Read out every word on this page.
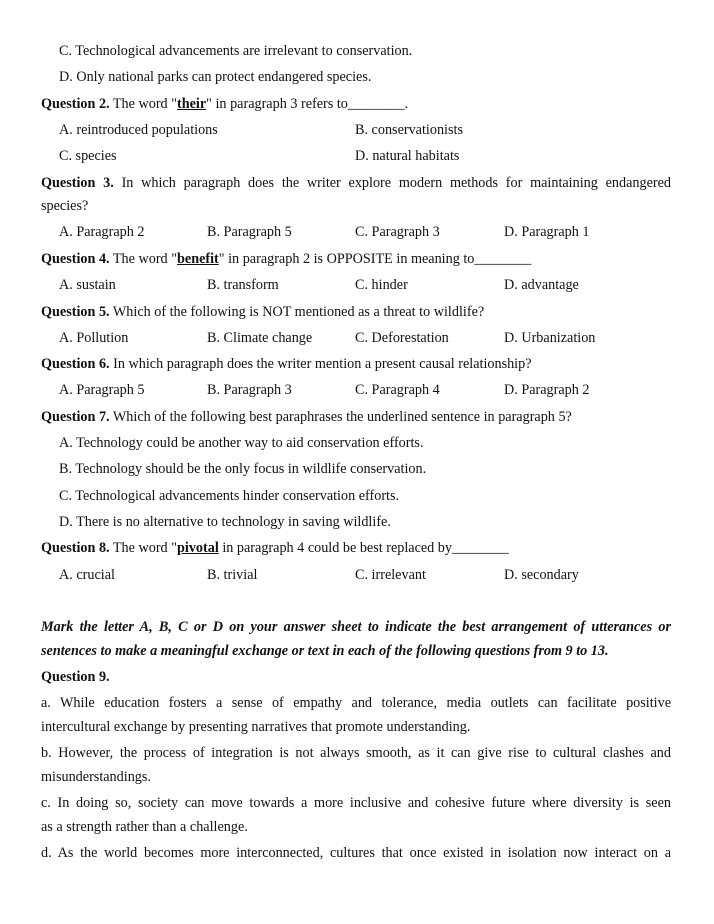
C. Technological advancements are irrelevant to conservation.
D. Only national parks can protect endangered species.
Question 2. The word "their" in paragraph 3 refers to________.
A. reintroduced populations	B. conservationists
C. species	D. natural habitats
Question 3. In which paragraph does the writer explore modern methods for maintaining endangered
species?
A. Paragraph 2	B. Paragraph 5	C. Paragraph 3	D. Paragraph 1
Question 4. The word "benefit" in paragraph 2 is OPPOSITE in meaning to________
A. sustain	B. transform	C. hinder	D. advantage
Question 5. Which of the following is NOT mentioned as a threat to wildlife?
A. Pollution	B. Climate change	C. Deforestation	D. Urbanization
Question 6. In which paragraph does the writer mention a present causal relationship?
A. Paragraph 5	B. Paragraph 3	C. Paragraph 4	D. Paragraph 2
Question 7. Which of the following best paraphrases the underlined sentence in paragraph 5?
A. Technology could be another way to aid conservation efforts.
B. Technology should be the only focus in wildlife conservation.
C. Technological advancements hinder conservation efforts.
D. There is no alternative to technology in saving wildlife.
Question 8. The word "pivotal in paragraph 4 could be best replaced by________
A. crucial	B. trivial	C. irrelevant	D. secondary
Mark the letter A, B, C or D on your answer sheet to indicate the best arrangement of utterances or
sentences to make a meaningful exchange or text in each of the following questions from 9 to 13.
Question 9.
a. While education fosters a sense of empathy and tolerance, media outlets can facilitate positive
intercultural exchange by presenting narratives that promote understanding.
b. However, the process of integration is not always smooth, as it can give rise to cultural clashes and
misunderstandings.
c. In doing so, society can move towards a more inclusive and cohesive future where diversity is seen
as a strength rather than a challenge.
d. As the world becomes more interconnected, cultures that once existed in isolation now interact on a
